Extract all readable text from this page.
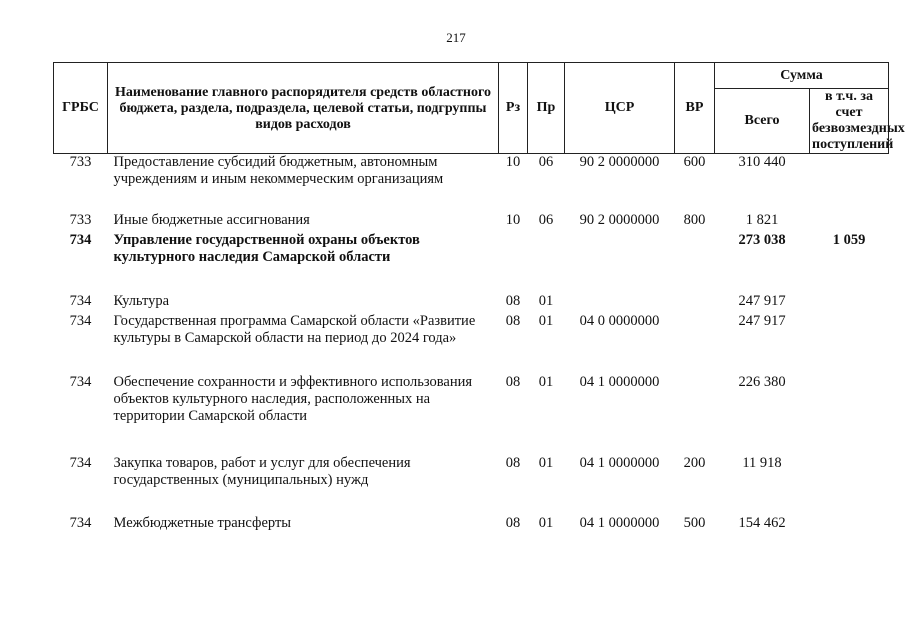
217
ГРБС	Наименование главного распорядителя средств областного бюджета, раздела, подраздела, целевой статьи, подгруппы видов расходов	Рз	Пр	ЦСР	ВР	Сумма	
						Всего	в т.ч. за счет безвозмездных поступлений
733	Предоставление субсидий бюджетным, автономным учреждениям и иным некоммерческим организациям	10	06	90 2 0000000	600	310 440	
733	Иные бюджетные ассигнования	10	06	90 2 0000000	800	1 821	
734	Управление государственной охраны объектов культурного наследия Самарской области					273 038	1 059
734	Культура	08	01			247 917	
734	Государственная программа Самарской области «Развитие культуры в Самарской области на период до 2024 года»	08	01	04 0 0000000		247 917	
734	Обеспечение сохранности и эффективного использования объектов культурного наследия, расположенных на территории Самарской области	08	01	04 1 0000000		226 380	
734	Закупка товаров, работ и услуг для обеспечения государственных (муниципальных) нужд	08	01	04 1 0000000	200	11 918	
734	Межбюджетные трансферты	08	01	04 1 0000000	500	154 462	
